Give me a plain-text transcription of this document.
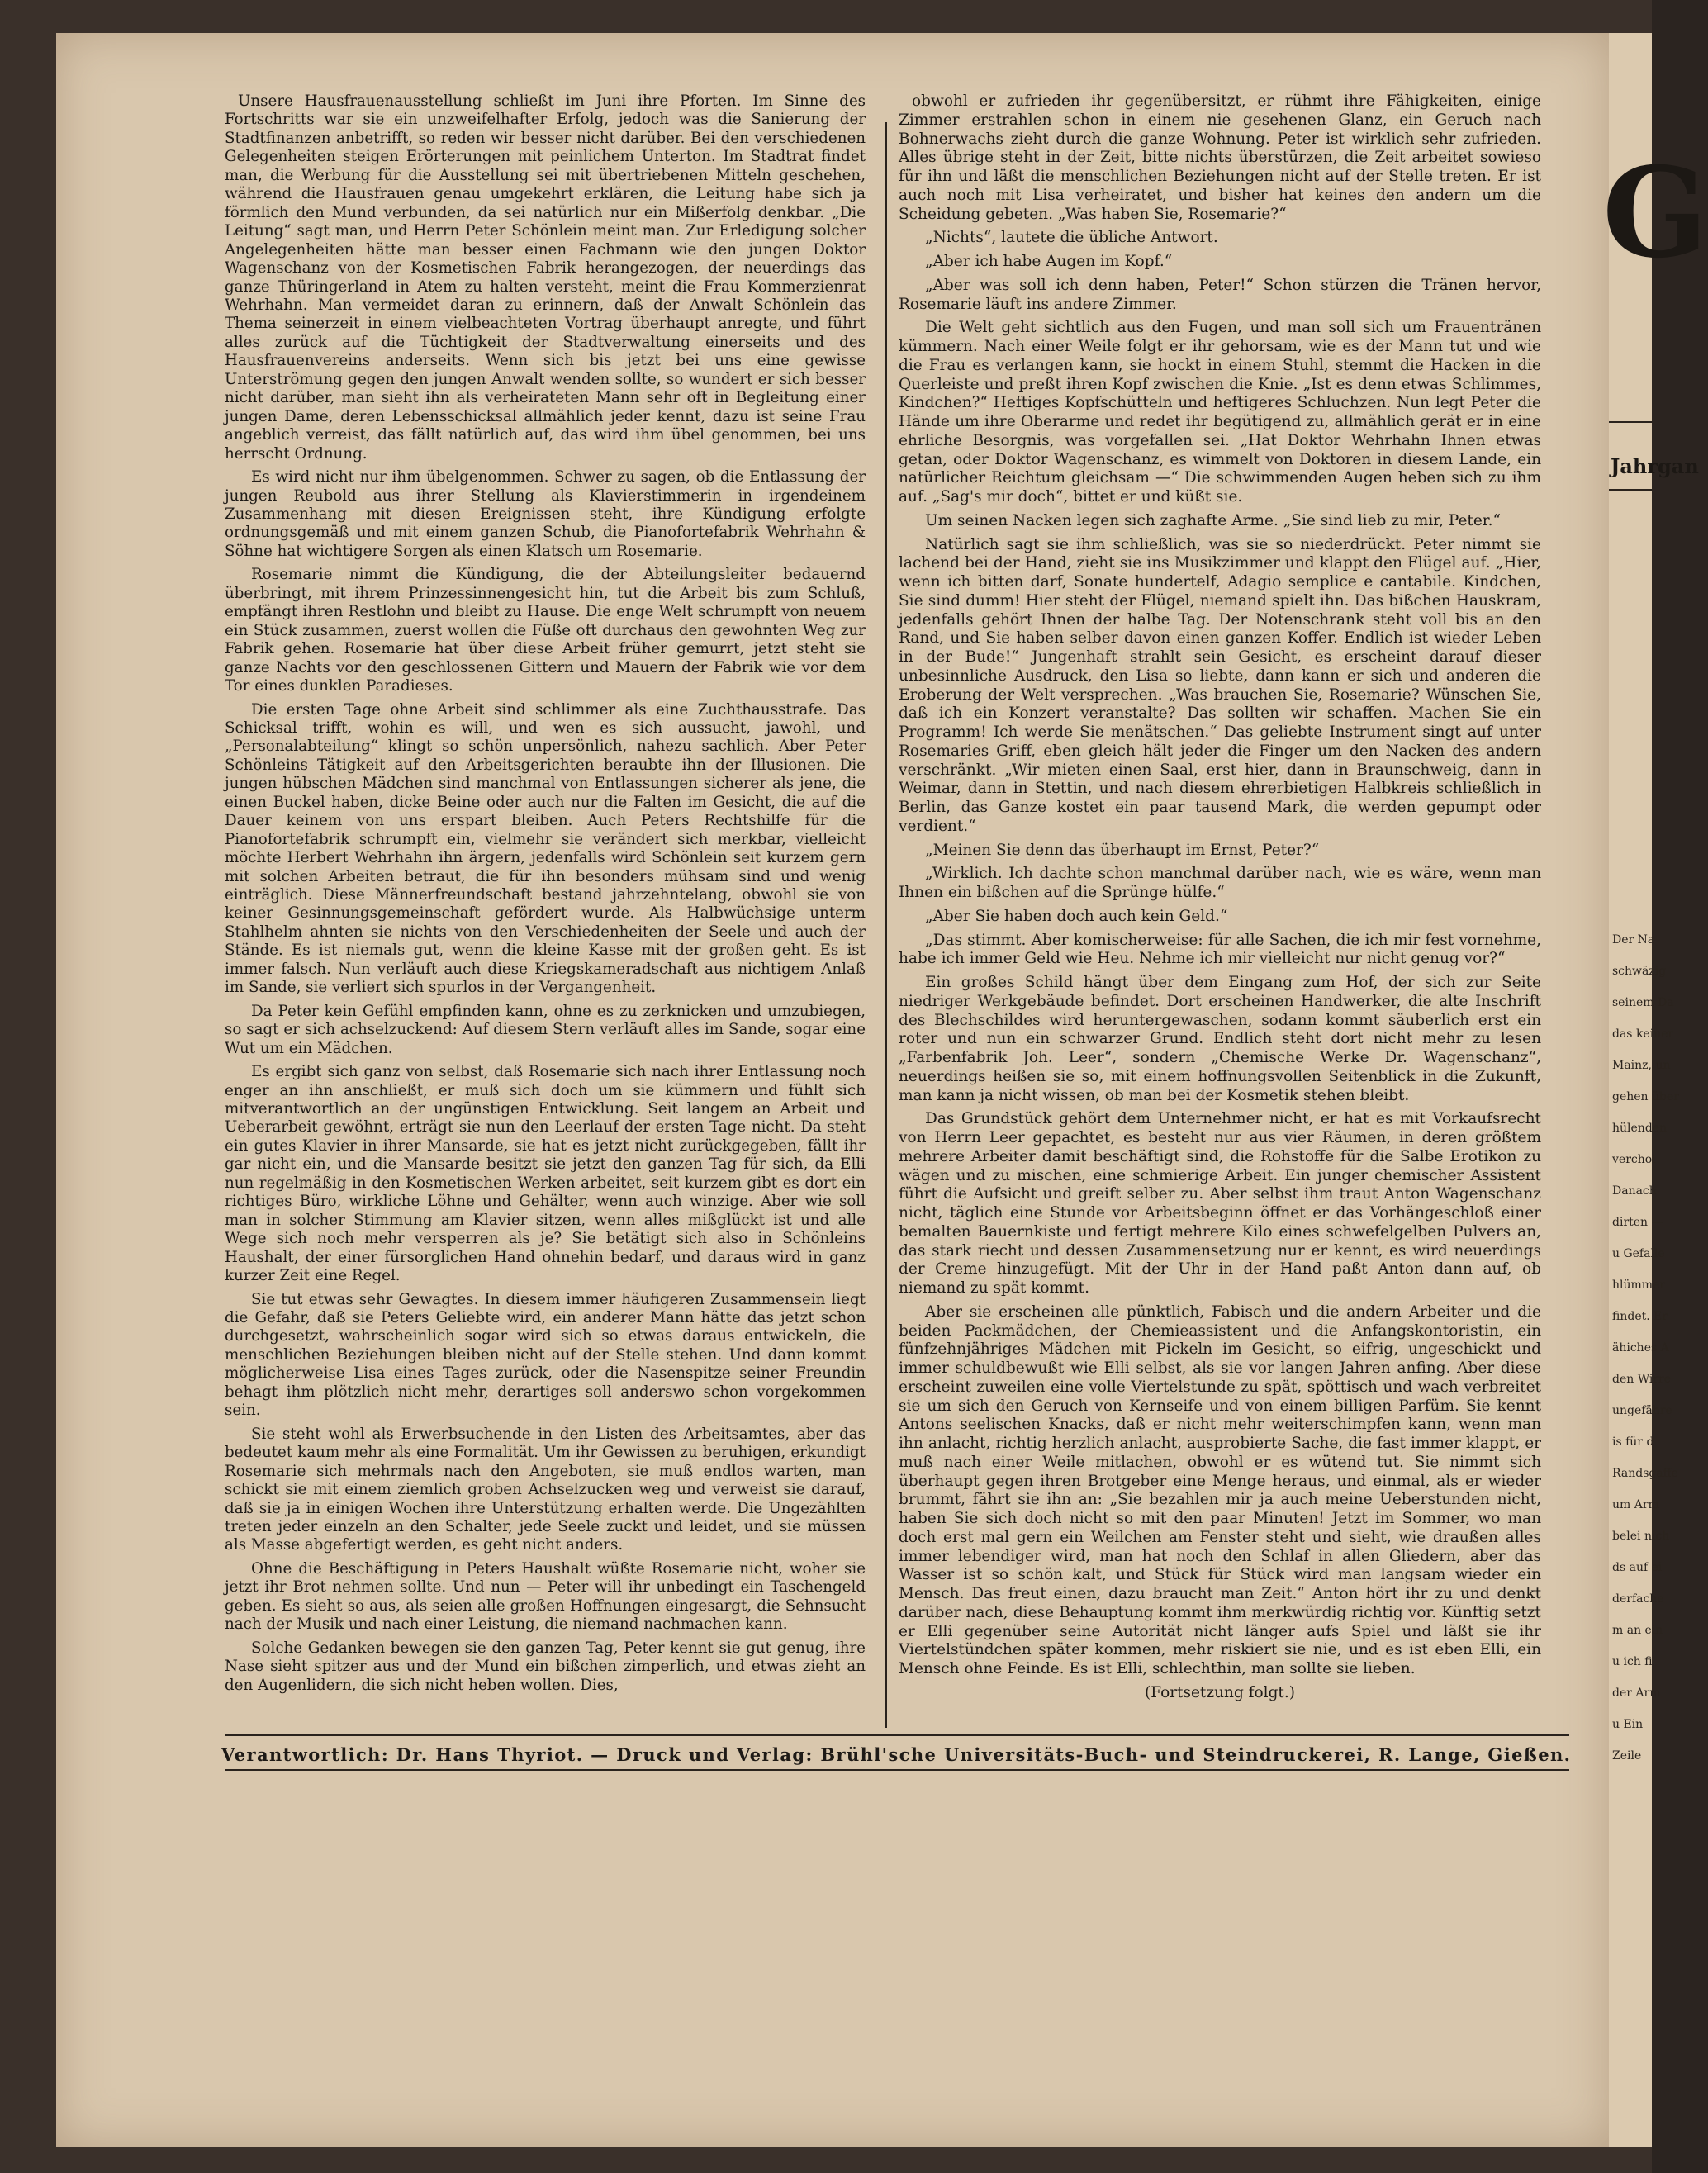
G
Jahrgan
Der Na
schwäzig
seinem Da
das keiner
Mainz, un
gehen über
hülenden
verchol
Danach
dirten —
u Gefalle
hlümmer
findet. Er
ähiches A
den Wirre
ungefähre
is für d
Randsgaffe
um Arm
belei nich
ds auf ei
derfache
m an ein
u ich fi
der Arm
u Ein
Zeile

Unsere Hausfrauenausstellung schließt im Juni ihre Pforten. Im Sinne des Fortschritts war sie ein unzweifelhafter Erfolg, jedoch was die Sanierung der Stadtfinanzen anbetrifft, so reden wir besser nicht darüber. Bei den verschiedenen Gelegenheiten steigen Erörterungen mit peinlichem Unterton. Im Stadtrat findet man, die Werbung für die Ausstellung sei mit übertriebenen Mitteln geschehen, während die Hausfrauen genau umgekehrt erklären, die Leitung habe sich ja förmlich den Mund verbunden, da sei natürlich nur ein Mißerfolg denkbar. „Die Leitung“ sagt man, und Herrn Peter Schönlein meint man. Zur Erledigung solcher Angelegenheiten hätte man besser einen Fachmann wie den jungen Doktor Wagenschanz von der Kosmetischen Fabrik herangezogen, der neuerdings das ganze Thüringerland in Atem zu halten versteht, meint die Frau Kommerzienrat Wehrhahn. Man vermeidet daran zu erinnern, daß der Anwalt Schönlein das Thema seinerzeit in einem vielbeachteten Vortrag überhaupt anregte, und führt alles zurück auf die Tüchtigkeit der Stadtverwaltung einerseits und des Hausfrauenvereins anderseits. Wenn sich bis jetzt bei uns eine gewisse Unterströmung gegen den jungen Anwalt wenden sollte, so wundert er sich besser nicht darüber, man sieht ihn als verheirateten Mann sehr oft in Begleitung einer jungen Dame, deren Lebensschicksal allmählich jeder kennt, dazu ist seine Frau angeblich verreist, das fällt natürlich auf, das wird ihm übel genommen, bei uns herrscht Ordnung.

Es wird nicht nur ihm übelgenommen. Schwer zu sagen, ob die Entlassung der jungen Reubold aus ihrer Stellung als Klavierstimmerin in irgendeinem Zusammenhang mit diesen Ereignissen steht, ihre Kündigung erfolgte ordnungsgemäß und mit einem ganzen Schub, die Pianofortefabrik Wehrhahn & Söhne hat wichtigere Sorgen als einen Klatsch um Rosemarie.

Rosemarie nimmt die Kündigung, die der Abteilungsleiter bedauernd überbringt, mit ihrem Prinzessinnengesicht hin, tut die Arbeit bis zum Schluß, empfängt ihren Restlohn und bleibt zu Hause. Die enge Welt schrumpft von neuem ein Stück zusammen, zuerst wollen die Füße oft durchaus den gewohnten Weg zur Fabrik gehen. Rosemarie hat über diese Arbeit früher gemurrt, jetzt steht sie ganze Nachts vor den geschlossenen Gittern und Mauern der Fabrik wie vor dem Tor eines dunklen Paradieses.

Die ersten Tage ohne Arbeit sind schlimmer als eine Zuchthausstrafe. Das Schicksal trifft, wohin es will, und wen es sich aussucht, jawohl, und „Personalabteilung“ klingt so schön unpersönlich, nahezu sachlich. Aber Peter Schönleins Tätigkeit auf den Arbeitsgerichten beraubte ihn der Illusionen. Die jungen hübschen Mädchen sind manchmal von Entlassungen sicherer als jene, die einen Buckel haben, dicke Beine oder auch nur die Falten im Gesicht, die auf die Dauer keinem von uns erspart bleiben. Auch Peters Rechtshilfe für die Pianofortefabrik schrumpft ein, vielmehr sie verändert sich merkbar, vielleicht möchte Herbert Wehrhahn ihn ärgern, jedenfalls wird Schönlein seit kurzem gern mit solchen Arbeiten betraut, die für ihn besonders mühsam sind und wenig einträglich. Diese Männerfreundschaft bestand jahrzehntelang, obwohl sie von keiner Gesinnungsgemeinschaft gefördert wurde. Als Halbwüchsige unterm Stahlhelm ahnten sie nichts von den Verschiedenheiten der Seele und auch der Stände. Es ist niemals gut, wenn die kleine Kasse mit der großen geht. Es ist immer falsch. Nun verläuft auch diese Kriegskameradschaft aus nichtigem Anlaß im Sande, sie verliert sich spurlos in der Vergangenheit.

Da Peter kein Gefühl empfinden kann, ohne es zu zerknicken und umzubiegen, so sagt er sich achselzuckend: Auf diesem Stern verläuft alles im Sande, sogar eine Wut um ein Mädchen.

Es ergibt sich ganz von selbst, daß Rosemarie sich nach ihrer Entlassung noch enger an ihn anschließt, er muß sich doch um sie kümmern und fühlt sich mitverantwortlich an der ungünstigen Entwicklung. Seit langem an Arbeit und Ueberarbeit gewöhnt, erträgt sie nun den Leerlauf der ersten Tage nicht. Da steht ein gutes Klavier in ihrer Mansarde, sie hat es jetzt nicht zurückgegeben, fällt ihr gar nicht ein, und die Mansarde besitzt sie jetzt den ganzen Tag für sich, da Elli nun regelmäßig in den Kosmetischen Werken arbeitet, seit kurzem gibt es dort ein richtiges Büro, wirkliche Löhne und Gehälter, wenn auch winzige. Aber wie soll man in solcher Stimmung am Klavier sitzen, wenn alles mißglückt ist und alle Wege sich noch mehr versperren als je? Sie betätigt sich also in Schönleins Haushalt, der einer fürsorglichen Hand ohnehin bedarf, und daraus wird in ganz kurzer Zeit eine Regel.

Sie tut etwas sehr Gewagtes. In diesem immer häufigeren Zusammensein liegt die Gefahr, daß sie Peters Geliebte wird, ein anderer Mann hätte das jetzt schon durchgesetzt, wahrscheinlich sogar wird sich so etwas daraus entwickeln, die menschlichen Beziehungen bleiben nicht auf der Stelle stehen. Und dann kommt möglicherweise Lisa eines Tages zurück, oder die Nasenspitze seiner Freundin behagt ihm plötzlich nicht mehr, derartiges soll anderswo schon vorgekommen sein.

Sie steht wohl als Erwerbsuchende in den Listen des Arbeitsamtes, aber das bedeutet kaum mehr als eine Formalität. Um ihr Gewissen zu beruhigen, erkundigt Rosemarie sich mehrmals nach den Angeboten, sie muß endlos warten, man schickt sie mit einem ziemlich groben Achselzucken weg und verweist sie darauf, daß sie ja in einigen Wochen ihre Unterstützung erhalten werde. Die Ungezählten treten jeder einzeln an den Schalter, jede Seele zuckt und leidet, und sie müssen als Masse abgefertigt werden, es geht nicht anders.

Ohne die Beschäftigung in Peters Haushalt wüßte Rosemarie nicht, woher sie jetzt ihr Brot nehmen sollte. Und nun — Peter will ihr unbedingt ein Taschengeld geben. Es sieht so aus, als seien alle großen Hoffnungen eingesargt, die Sehnsucht nach der Musik und nach einer Leistung, die niemand nachmachen kann.

Solche Gedanken bewegen sie den ganzen Tag, Peter kennt sie gut genug, ihre Nase sieht spitzer aus und der Mund ein bißchen zimperlich, und etwas zieht an den Augenlidern, die sich nicht heben wollen. Dies,

obwohl er zufrieden ihr gegenübersitzt, er rühmt ihre Fähigkeiten, einige Zimmer erstrahlen schon in einem nie gesehenen Glanz, ein Geruch nach Bohnerwachs zieht durch die ganze Wohnung. Peter ist wirklich sehr zufrieden. Alles übrige steht in der Zeit, bitte nichts überstürzen, die Zeit arbeitet sowieso für ihn und läßt die menschlichen Beziehungen nicht auf der Stelle treten. Er ist auch noch mit Lisa verheiratet, und bisher hat keines den andern um die Scheidung gebeten. „Was haben Sie, Rosemarie?“

„Nichts“, lautete die übliche Antwort.

„Aber ich habe Augen im Kopf.“

„Aber was soll ich denn haben, Peter!“ Schon stürzen die Tränen hervor, Rosemarie läuft ins andere Zimmer.

Die Welt geht sichtlich aus den Fugen, und man soll sich um Frauentränen kümmern. Nach einer Weile folgt er ihr gehorsam, wie es der Mann tut und wie die Frau es verlangen kann, sie hockt in einem Stuhl, stemmt die Hacken in die Querleiste und preßt ihren Kopf zwischen die Knie. „Ist es denn etwas Schlimmes, Kindchen?“ Heftiges Kopfschütteln und heftigeres Schluchzen. Nun legt Peter die Hände um ihre Oberarme und redet ihr begütigend zu, allmählich gerät er in eine ehrliche Besorgnis, was vorgefallen sei. „Hat Doktor Wehrhahn Ihnen etwas getan, oder Doktor Wagenschanz, es wimmelt von Doktoren in diesem Lande, ein natürlicher Reichtum gleichsam —“ Die schwimmenden Augen heben sich zu ihm auf. „Sag's mir doch“, bittet er und küßt sie.

Um seinen Nacken legen sich zaghafte Arme. „Sie sind lieb zu mir, Peter.“

Natürlich sagt sie ihm schließlich, was sie so niederdrückt. Peter nimmt sie lachend bei der Hand, zieht sie ins Musikzimmer und klappt den Flügel auf. „Hier, wenn ich bitten darf, Sonate hundertelf, Adagio semplice e cantabile. Kindchen, Sie sind dumm! Hier steht der Flügel, niemand spielt ihn. Das bißchen Hauskram, jedenfalls gehört Ihnen der halbe Tag. Der Notenschrank steht voll bis an den Rand, und Sie haben selber davon einen ganzen Koffer. Endlich ist wieder Leben in der Bude!“ Jungenhaft strahlt sein Gesicht, es erscheint darauf dieser unbesinnliche Ausdruck, den Lisa so liebte, dann kann er sich und anderen die Eroberung der Welt versprechen. „Was brauchen Sie, Rosemarie? Wünschen Sie, daß ich ein Konzert veranstalte? Das sollten wir schaffen. Machen Sie ein Programm! Ich werde Sie menätschen.“ Das geliebte Instrument singt auf unter Rosemaries Griff, eben gleich hält jeder die Finger um den Nacken des andern verschränkt. „Wir mieten einen Saal, erst hier, dann in Braunschweig, dann in Weimar, dann in Stettin, und nach diesem ehrerbietigen Halbkreis schließlich in Berlin, das Ganze kostet ein paar tausend Mark, die werden gepumpt oder verdient.“

„Meinen Sie denn das überhaupt im Ernst, Peter?“

„Wirklich. Ich dachte schon manchmal darüber nach, wie es wäre, wenn man Ihnen ein bißchen auf die Sprünge hülfe.“

„Aber Sie haben doch auch kein Geld.“

„Das stimmt. Aber komischerweise: für alle Sachen, die ich mir fest vornehme, habe ich immer Geld wie Heu. Nehme ich mir vielleicht nur nicht genug vor?“

Ein großes Schild hängt über dem Eingang zum Hof, der sich zur Seite niedriger Werkgebäude befindet. Dort erscheinen Handwerker, die alte Inschrift des Blechschildes wird heruntergewaschen, sodann kommt säuberlich erst ein roter und nun ein schwarzer Grund. Endlich steht dort nicht mehr zu lesen „Farbenfabrik Joh. Leer“, sondern „Chemische Werke Dr. Wagenschanz“, neuerdings heißen sie so, mit einem hoffnungsvollen Seitenblick in die Zukunft, man kann ja nicht wissen, ob man bei der Kosmetik stehen bleibt.

Das Grundstück gehört dem Unternehmer nicht, er hat es mit Vorkaufsrecht von Herrn Leer gepachtet, es besteht nur aus vier Räumen, in deren größtem mehrere Arbeiter damit beschäftigt sind, die Rohstoffe für die Salbe Erotikon zu wägen und zu mischen, eine schmierige Arbeit. Ein junger chemischer Assistent führt die Aufsicht und greift selber zu. Aber selbst ihm traut Anton Wagenschanz nicht, täglich eine Stunde vor Arbeitsbeginn öffnet er das Vorhängeschloß einer bemalten Bauernkiste und fertigt mehrere Kilo eines schwefelgelben Pulvers an, das stark riecht und dessen Zusammensetzung nur er kennt, es wird neuerdings der Creme hinzugefügt. Mit der Uhr in der Hand paßt Anton dann auf, ob niemand zu spät kommt.

Aber sie erscheinen alle pünktlich, Fabisch und die andern Arbeiter und die beiden Packmädchen, der Chemieassistent und die Anfangskontoristin, ein fünfzehnjähriges Mädchen mit Pickeln im Gesicht, so eifrig, ungeschickt und immer schuldbewußt wie Elli selbst, als sie vor langen Jahren anfing. Aber diese erscheint zuweilen eine volle Viertelstunde zu spät, spöttisch und wach verbreitet sie um sich den Geruch von Kernseife und von einem billigen Parfüm. Sie kennt Antons seelischen Knacks, daß er nicht mehr weiterschimpfen kann, wenn man ihn anlacht, richtig herzlich anlacht, ausprobierte Sache, die fast immer klappt, er muß nach einer Weile mitlachen, obwohl er es wütend tut. Sie nimmt sich überhaupt gegen ihren Brotgeber eine Menge heraus, und einmal, als er wieder brummt, fährt sie ihn an: „Sie bezahlen mir ja auch meine Ueberstunden nicht, haben Sie sich doch nicht so mit den paar Minuten! Jetzt im Sommer, wo man doch erst mal gern ein Weilchen am Fenster steht und sieht, wie draußen alles immer lebendiger wird, man hat noch den Schlaf in allen Gliedern, aber das Wasser ist so schön kalt, und Stück für Stück wird man langsam wieder ein Mensch. Das freut einen, dazu braucht man Zeit.“ Anton hört ihr zu und denkt darüber nach, diese Behauptung kommt ihm merkwürdig richtig vor. Künftig setzt er Elli gegenüber seine Autorität nicht länger aufs Spiel und läßt sie ihr Viertelstündchen später kommen, mehr riskiert sie nie, und es ist eben Elli, ein Mensch ohne Feinde. Es ist Elli, schlechthin, man sollte sie lieben.

(Fortsetzung folgt.)

Verantwortlich: Dr. Hans Thyriot. — Druck und Verlag: Brühl'sche Universitäts-Buch- und Steindruckerei, R. Lange, Gießen.
